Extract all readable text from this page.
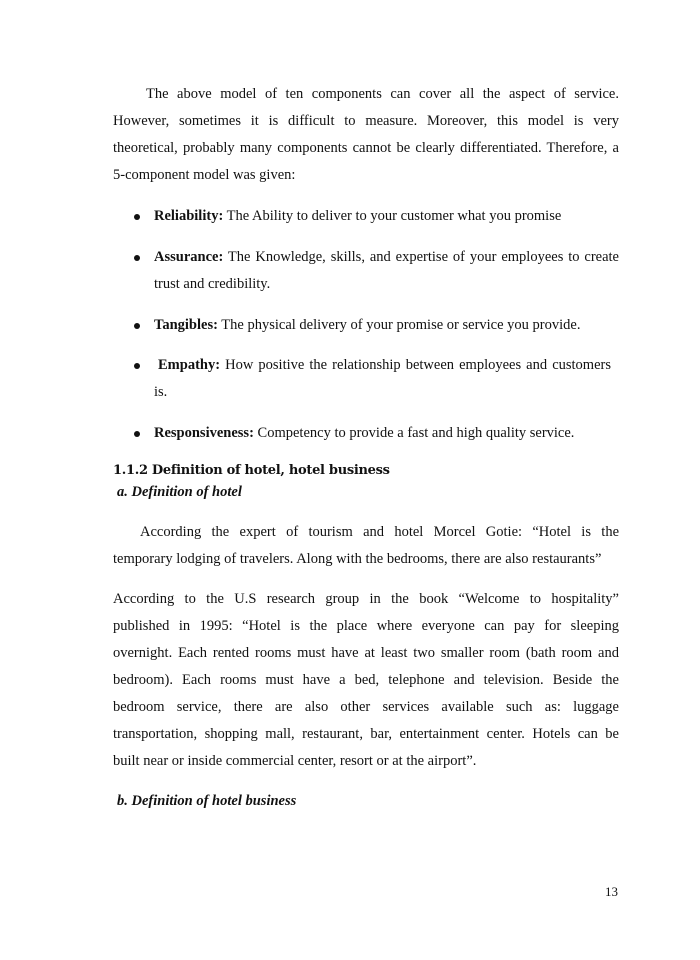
The above model of ten components can cover all the aspect of service.
However, sometimes it is difficult to measure. Moreover, this model is very
theoretical, probably many components cannot be clearly differentiated. Therefore, a
5-component model was given:
Reliability: The Ability to deliver to your customer what you promise
Assurance: The Knowledge, skills, and expertise of your employees to create
trust and credibility.
Tangibles: The physical delivery of your promise or service you provide.
Empathy: How positive the relationship between employees and customers
is.
Responsiveness: Competency to provide a fast and high quality service.
1.1.2 Definition of hotel, hotel business
a. Definition of hotel
According the expert of tourism and hotel Morcel Gotie: “Hotel is the
temporary lodging of travelers. Along with the bedrooms, there are also restaurants”
According to the U.S research group in the book “Welcome to hospitality”
published in 1995: “Hotel is the place where everyone can pay for sleeping
overnight. Each rented rooms must have at least two smaller room (bath room and
bedroom). Each rooms must have a bed, telephone and television. Beside the
bedroom service, there are also other services available such as: luggage
transportation, shopping mall, restaurant, bar, entertainment center. Hotels can be
built near or inside commercial center, resort or at the airport”.
b. Definition of hotel business
13
